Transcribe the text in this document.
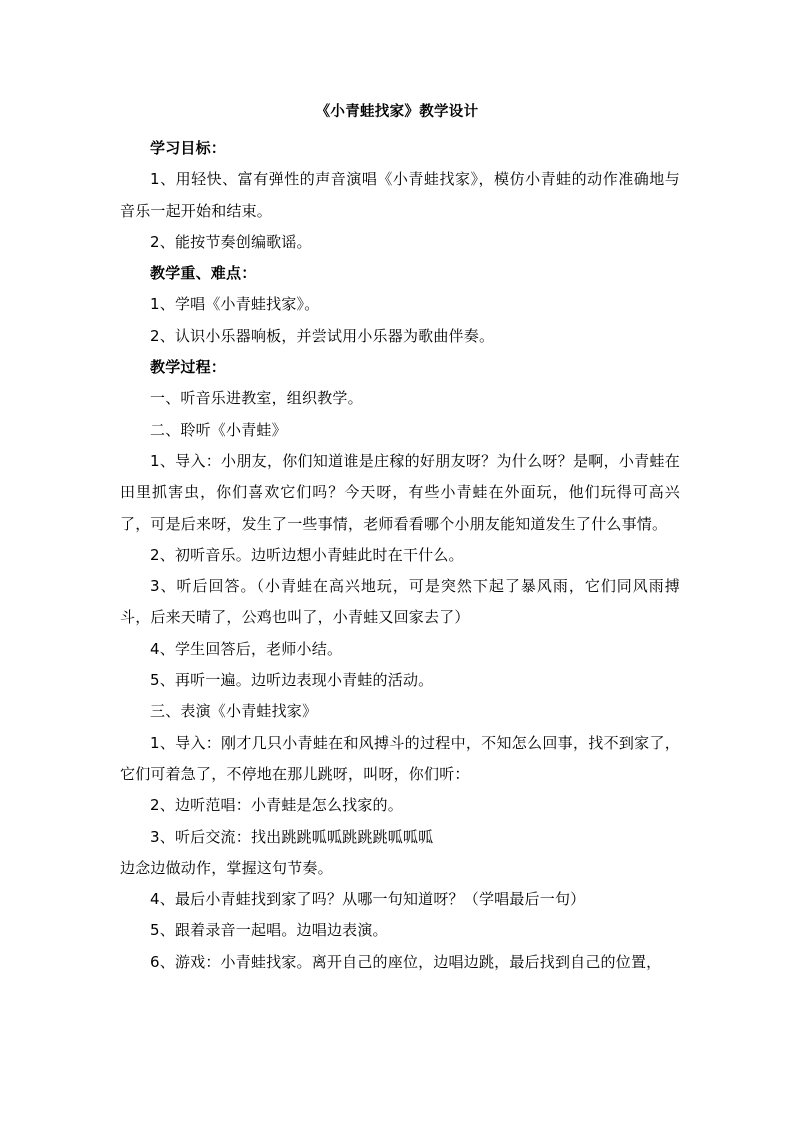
《小青蛙找家》教学设计

学习目标：

1、用轻快、富有弹性的声音演唱《小青蛙找家》，模仿小青蛙的动作准确地与音乐一起开始和结束。

2、能按节奏创编歌谣。

教学重、难点：

1、学唱《小青蛙找家》。

2、认识小乐器响板，并尝试用小乐器为歌曲伴奏。

教学过程：

一、听音乐进教室，组织教学。

二、聆听《小青蛙》

1、导入：小朋友，你们知道谁是庄稼的好朋友呀？为什么呀？是啊，小青蛙在田里抓害虫，你们喜欢它们吗？今天呀，有些小青蛙在外面玩，他们玩得可高兴了，可是后来呀，发生了一些事情，老师看看哪个小朋友能知道发生了什么事情。

2、初听音乐。边听边想小青蛙此时在干什么。

3、听后回答。（小青蛙在高兴地玩，可是突然下起了暴风雨，它们同风雨搏斗，后来天晴了，公鸡也叫了，小青蛙又回家去了）

4、学生回答后，老师小结。

5、再听一遍。边听边表现小青蛙的活动。

三、表演《小青蛙找家》

1、导入：刚才几只小青蛙在和风搏斗的过程中，不知怎么回事，找不到家了，它们可着急了，不停地在那儿跳呀，叫呀，你们听：

2、边听范唱：小青蛙是怎么找家的。

3、听后交流：找出跳跳呱呱跳跳跳呱呱呱

边念边做动作，掌握这句节奏。

4、最后小青蛙找到家了吗？从哪一句知道呀？（学唱最后一句）

5、跟着录音一起唱。边唱边表演。

6、游戏：小青蛙找家。离开自己的座位，边唱边跳，最后找到自己的位置，
